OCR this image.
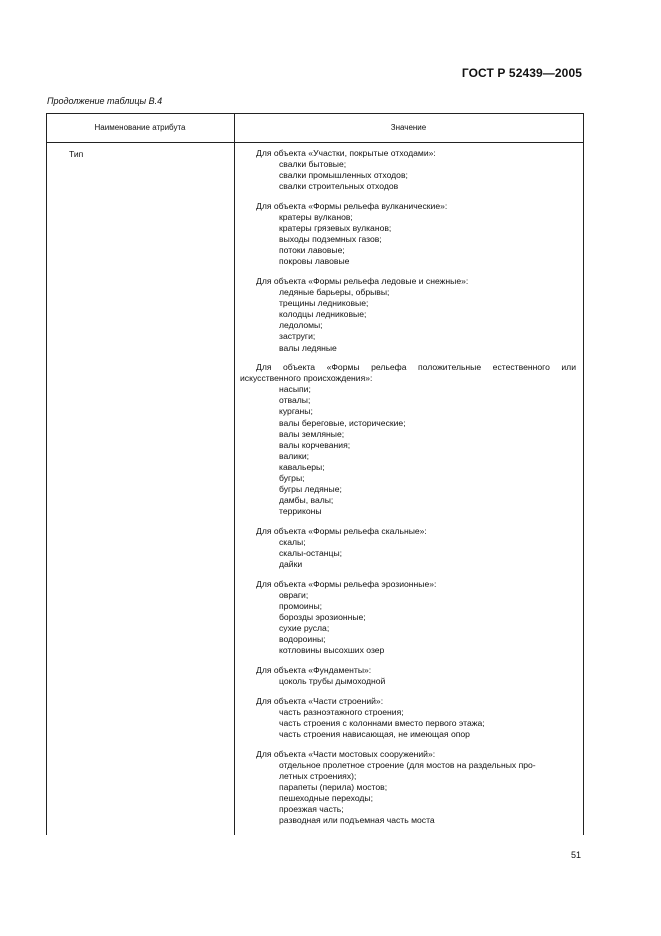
ГОСТ Р 52439—2005
Продолжение таблицы В.4
Наименование атрибута	Значение
Тип	Для объекта «Участки, покрытые отходами»:
свалки бытовые;
свалки промышленных отходов;
свалки строительных отходов
Для объекта «Формы рельефа вулканические»:
кратеры вулканов;
кратеры грязевых вулканов;
выходы подземных газов;
потоки лавовые;
покровы лавовые
Для объекта «Формы рельефа ледовые и снежные»:
ледяные барьеры, обрывы;
трещины ледниковые;
колодцы ледниковые;
ледоломы;
заструги;
валы ледяные
Для объекта «Формы рельефа положительные естественного или искусственного происхождения»:
насыпи;
отвалы;
курганы;
валы береговые, исторические;
валы земляные;
валы корчевания;
валики;
кавальеры;
бугры;
бугры ледяные;
дамбы, валы;
терриконы
Для объекта «Формы рельефа скальные»:
скалы;
скалы-останцы;
дайки
Для объекта «Формы рельефа эрозионные»:
овраги;
промоины;
борозды эрозионные;
сухие русла;
водороины;
котловины высохших озер
Для объекта «Фундаменты»:
цоколь трубы дымоходной
Для объекта «Части строений»:
часть разноэтажного строения;
часть строения с колоннами вместо первого этажа;
часть строения нависающая, не имеющая опор
Для объекта «Части мостовых сооружений»:
отдельное пролетное строение (для мостов на раздельных про-
летных строениях);
парапеты (перила) мостов;
пешеходные переходы;
проезжая часть;
разводная или подъемная часть моста
51
